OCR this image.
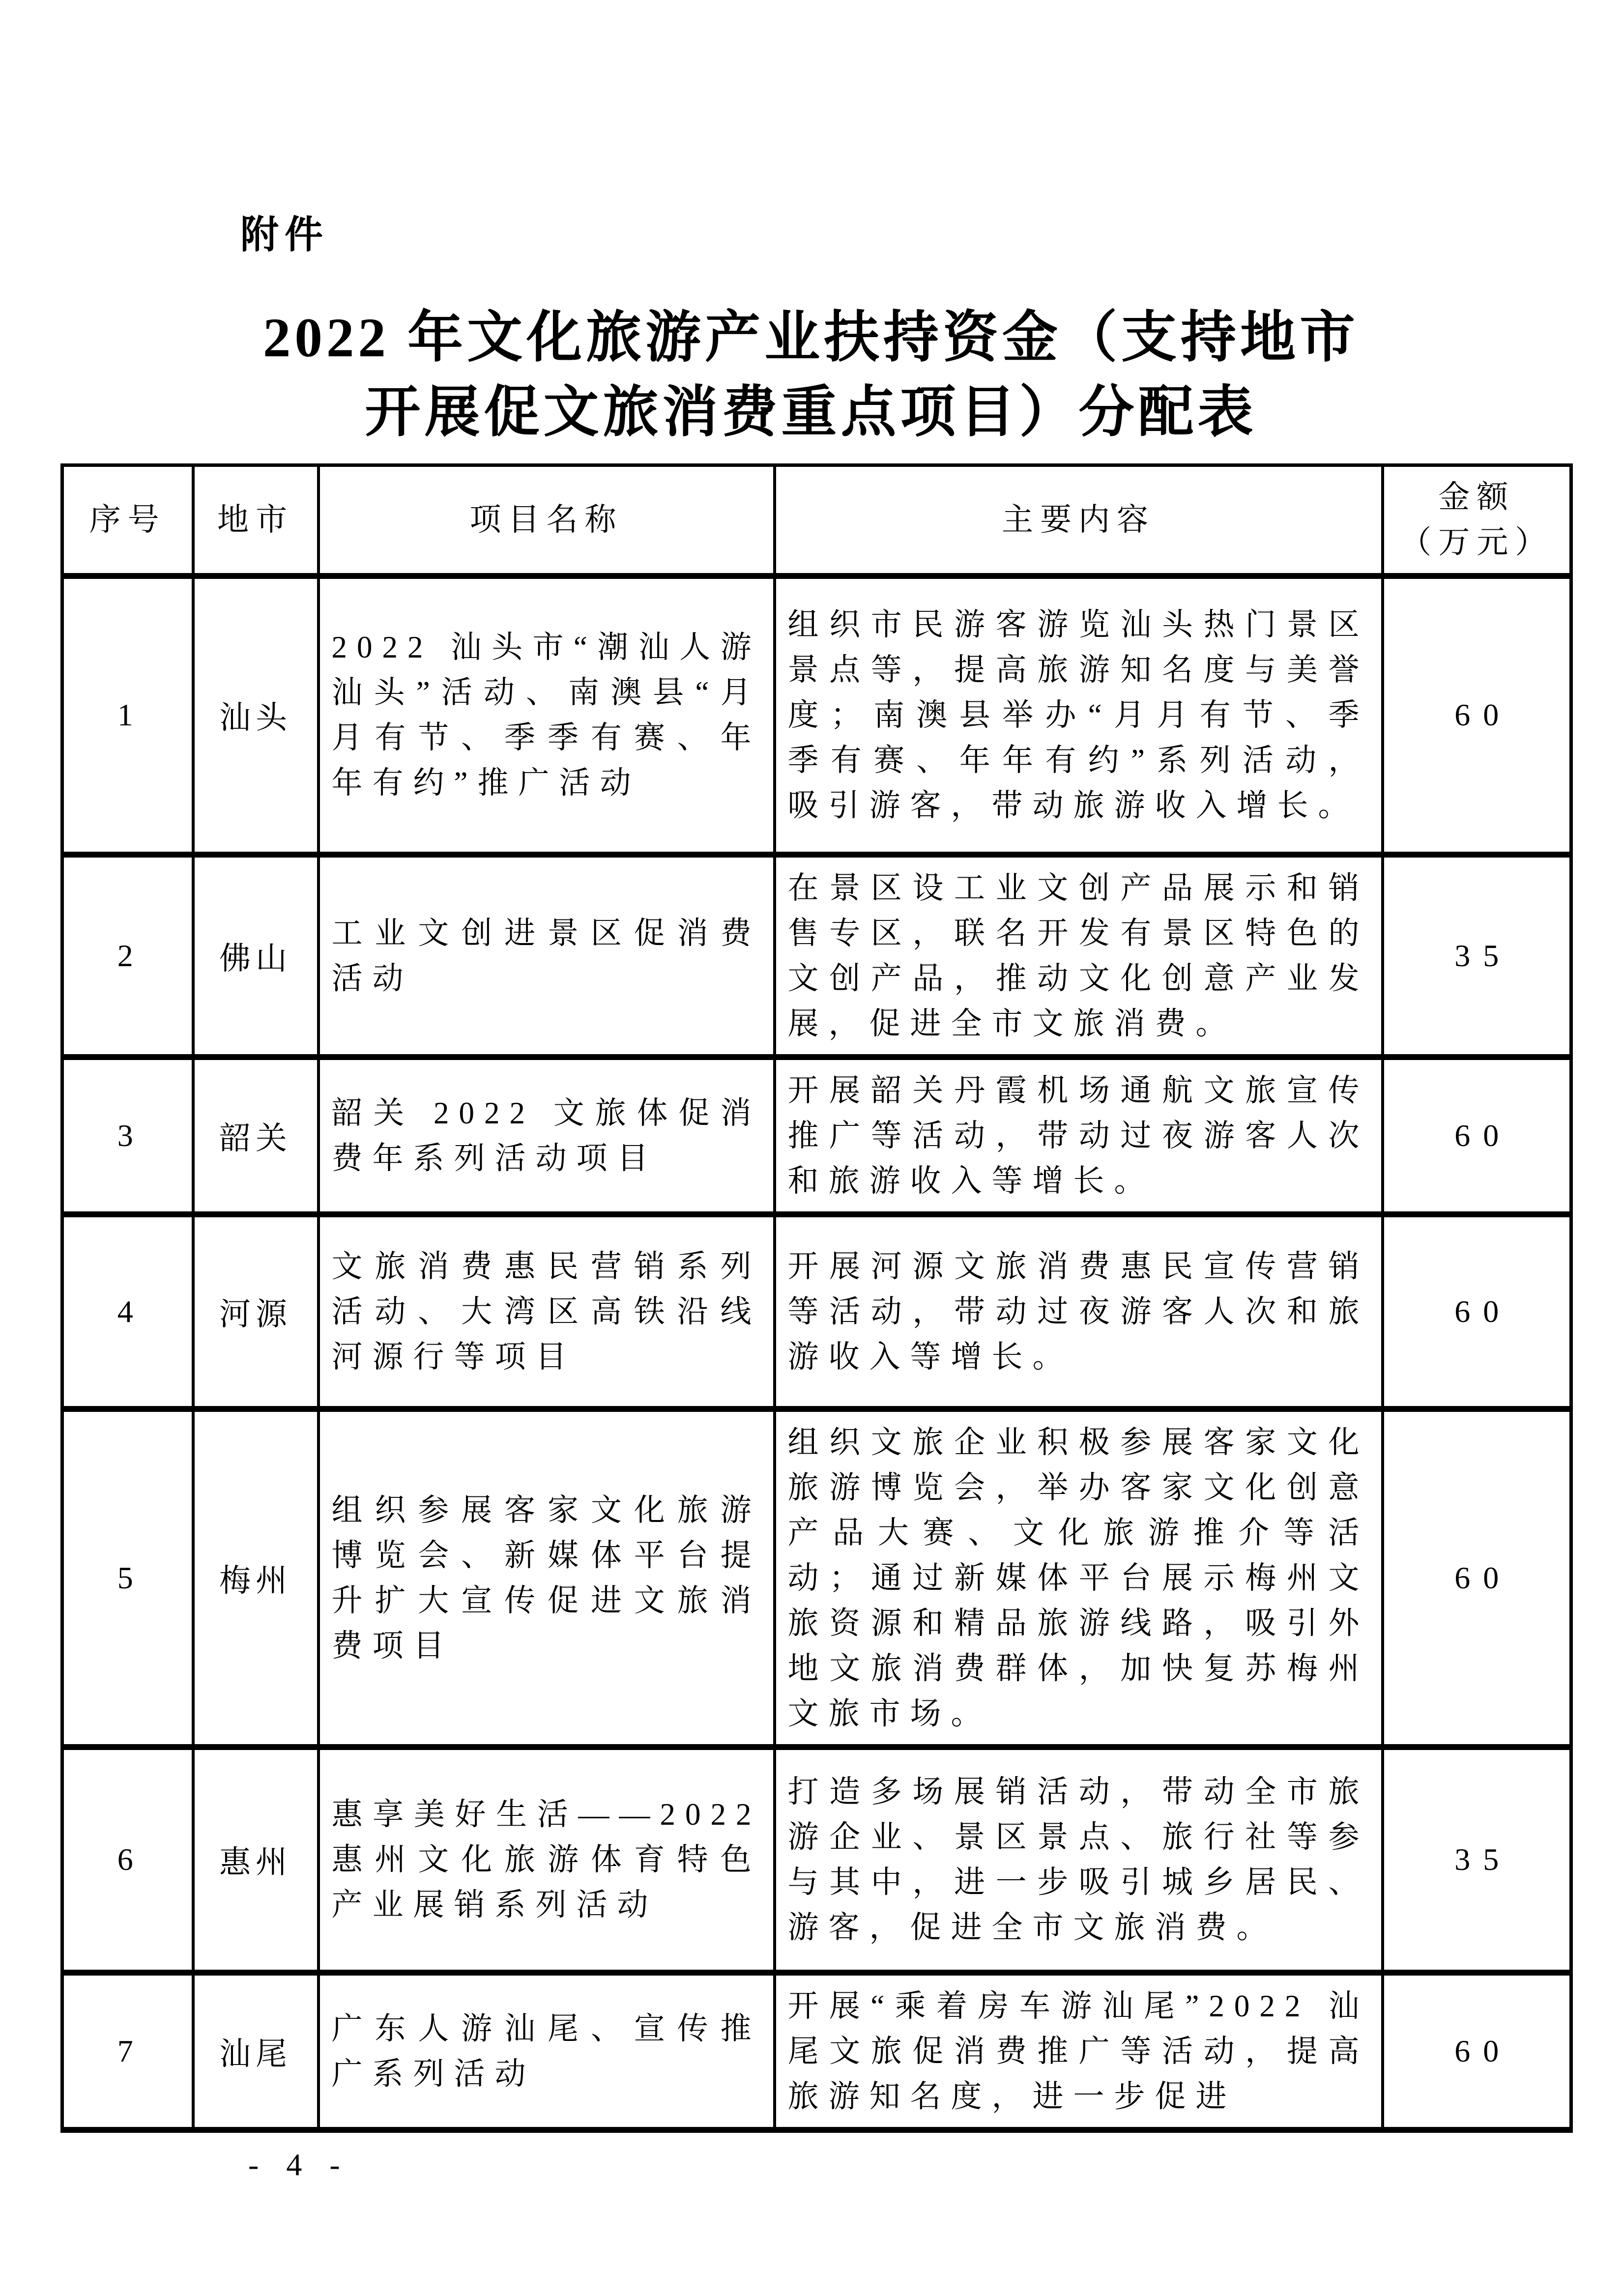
附件
2022 年文化旅游产业扶持资金（支持地市
开展促文旅消费重点项目）分配表
序号	地市	项目名称	主要内容	金额
（万元）

1	汕头	2022 汕头市“潮汕人游汕头”活动、南澳县“月月有节、季季有赛、年年有约”推广活动	组织市民游客游览汕头热门景区景点等，提高旅游知名度与美誉度；南澳县举办“月月有节、季季有赛、年年有约”系列活动，吸引游客，带动旅游收入增长。	60
2	佛山	工业文创进景区促消费活动	在景区设工业文创产品展示和销售专区，联名开发有景区特色的文创产品，推动文化创意产业发展，促进全市文旅消费。	35
3	韶关	韶关 2022 文旅体促消费年系列活动项目	开展韶关丹霞机场通航文旅宣传推广等活动，带动过夜游客人次和旅游收入等增长。	60
4	河源	文旅消费惠民营销系列活动、大湾区高铁沿线河源行等项目	开展河源文旅消费惠民宣传营销等活动，带动过夜游客人次和旅游收入等增长。	60
5	梅州	组织参展客家文化旅游博览会、新媒体平台提升扩大宣传促进文旅消费项目	组织文旅企业积极参展客家文化旅游博览会，举办客家文化创意产品大赛、文化旅游推介等活动；通过新媒体平台展示梅州文旅资源和精品旅游线路，吸引外地文旅消费群体，加快复苏梅州文旅市场。	60
6	惠州	惠享美好生活——2022 惠州文化旅游体育特色产业展销系列活动	打造多场展销活动，带动全市旅游企业、景区景点、旅行社等参与其中，进一步吸引城乡居民、游客，促进全市文旅消费。	35
7	汕尾	广东人游汕尾、宣传推广系列活动	开展“乘着房车游汕尾”2022 汕尾文旅促消费推广等活动，提高旅游知名度，进一步促进	60
- 4 -
